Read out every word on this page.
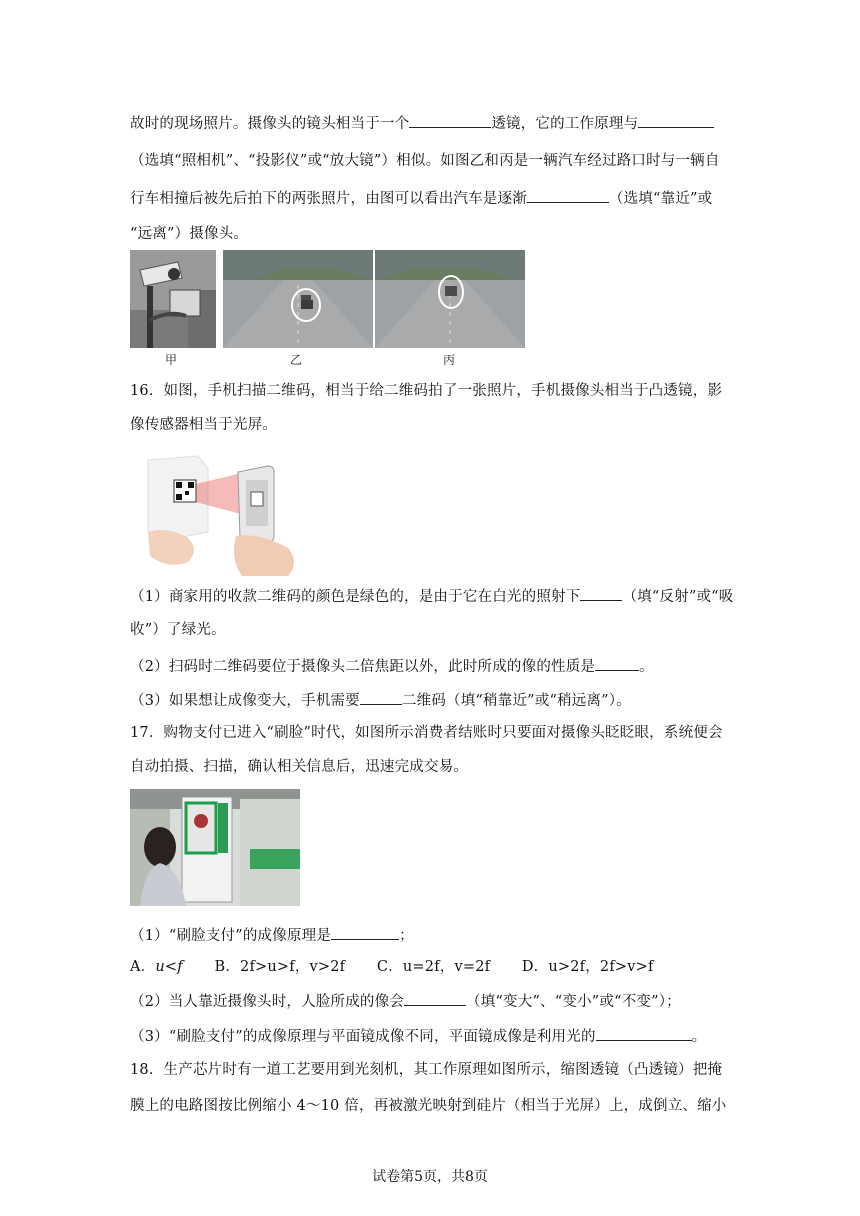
故时的现场照片。摄像头的镜头相当于一个	透镜，它的工作原理与
（选填“照相机”、“投影仪”或“放大镜”）相似。如图乙和丙是一辆汽车经过路口时与一辆自
行车相撞后被先后拍下的两张照片，由图可以看出汽车是逐渐	（选填“靠近”或
“远离”）摄像头。
甲	乙	丙
16．如图，手机扫描二维码，相当于给二维码拍了一张照片，手机摄像头相当于凸透镜，影
像传感器相当于光屏。
（1）商家用的收款二维码的颜色是绿色的，是由于它在白光的照射下	（填“反射”或“吸
收”）了绿光。
（2）扫码时二维码要位于摄像头二倍焦距以外，此时所成的像的性质是	。
（3）如果想让成像变大，手机需要	二维码（填“稍靠近”或“稍远离”）。
17．购物支付已进入“刷脸”时代，如图所示消费者结账时只要面对摄像头眨眨眼，系统便会
自动拍摄、扫描，确认相关信息后，迅速完成交易。
（1）“刷脸支付”的成像原理是	；
A．u<f B．2f>u>f，v>2f C．u=2f，v=2f D．u>2f，2f>v>f
（2）当人靠近摄像头时，人脸所成的像会	（填“变大”、“变小”或“不变”）；
（3）“刷脸支付”的成像原理与平面镜成像不同，平面镜成像是利用光的	。
18．生产芯片时有一道工艺要用到光刻机，其工作原理如图所示，缩图透镜（凸透镜）把掩
膜上的电路图按比例缩小 4～10 倍，再被激光映射到硅片（相当于光屏）上，成倒立、缩小
试卷第5页，共8页
